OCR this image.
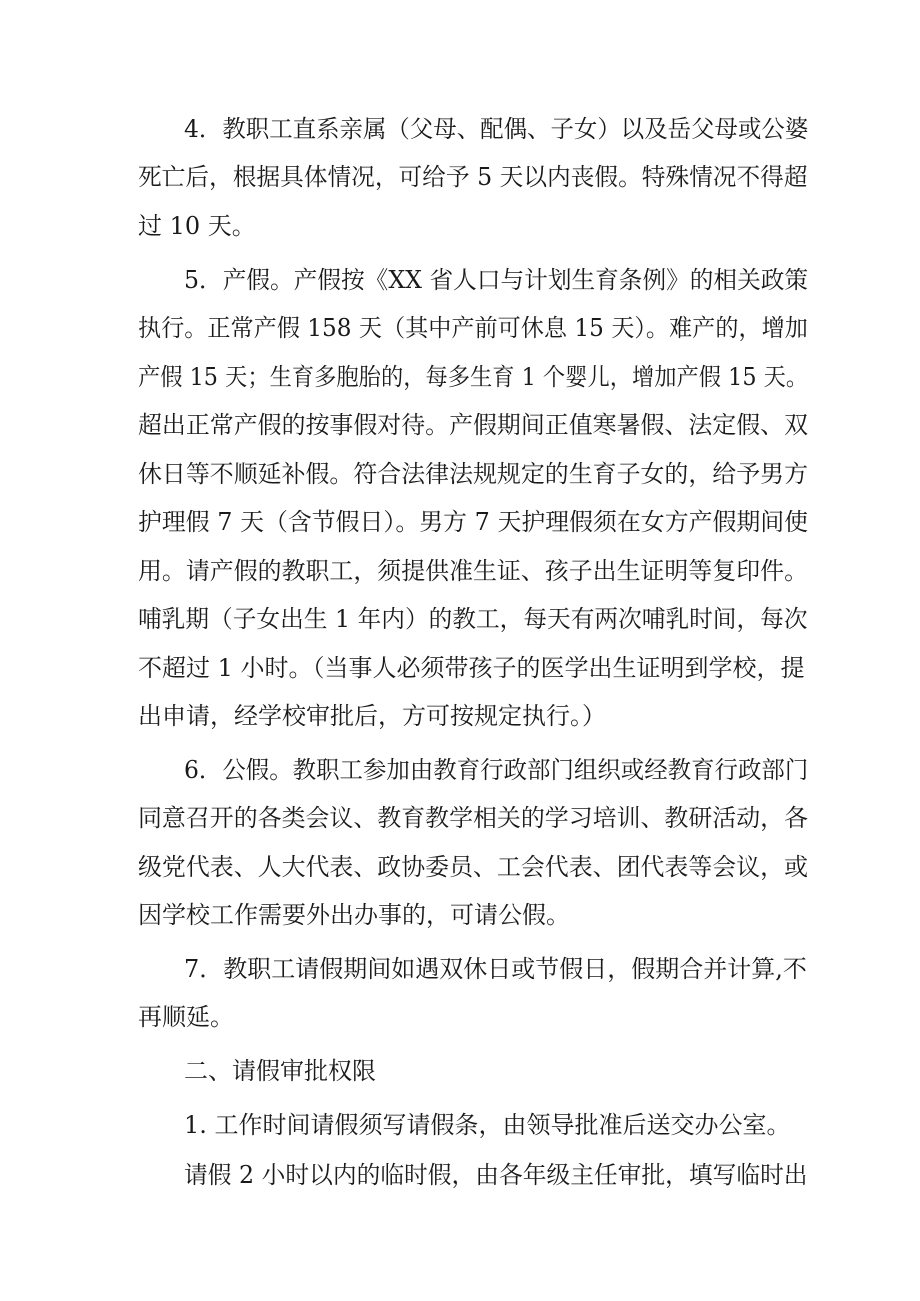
4．教职工直系亲属（父母、配偶、子女）以及岳父母或公婆
死亡后，根据具体情况，可给予 5 天以内丧假。特殊情况不得超
过 10 天。
5．产假。产假按《XX 省人口与计划生育条例》的相关政策
执行。正常产假 158 天（其中产前可休息 15 天）。难产的，增加
产假 15 天；生育多胞胎的，每多生育 1 个婴儿，增加产假 15 天。
超出正常产假的按事假对待。产假期间正值寒暑假、法定假、双
休日等不顺延补假。符合法律法规规定的生育子女的，给予男方
护理假 7 天（含节假日）。男方 7 天护理假须在女方产假期间使
用。请产假的教职工，须提供准生证、孩子出生证明等复印件。
哺乳期（子女出生 1 年内）的教工，每天有两次哺乳时间，每次
不超过 1 小时。（当事人必须带孩子的医学出生证明到学校，提
出申请，经学校审批后，方可按规定执行。）
6．公假。教职工参加由教育行政部门组织或经教育行政部门
同意召开的各类会议、教育教学相关的学习培训、教研活动，各
级党代表、人大代表、政协委员、工会代表、团代表等会议，或
因学校工作需要外出办事的，可请公假。
7．教职工请假期间如遇双休日或节假日，假期合并计算,不
再顺延。
二、请假审批权限
1. 工作时间请假须写请假条，由领导批准后送交办公室。
请假 2 小时以内的临时假，由各年级主任审批，填写临时出
